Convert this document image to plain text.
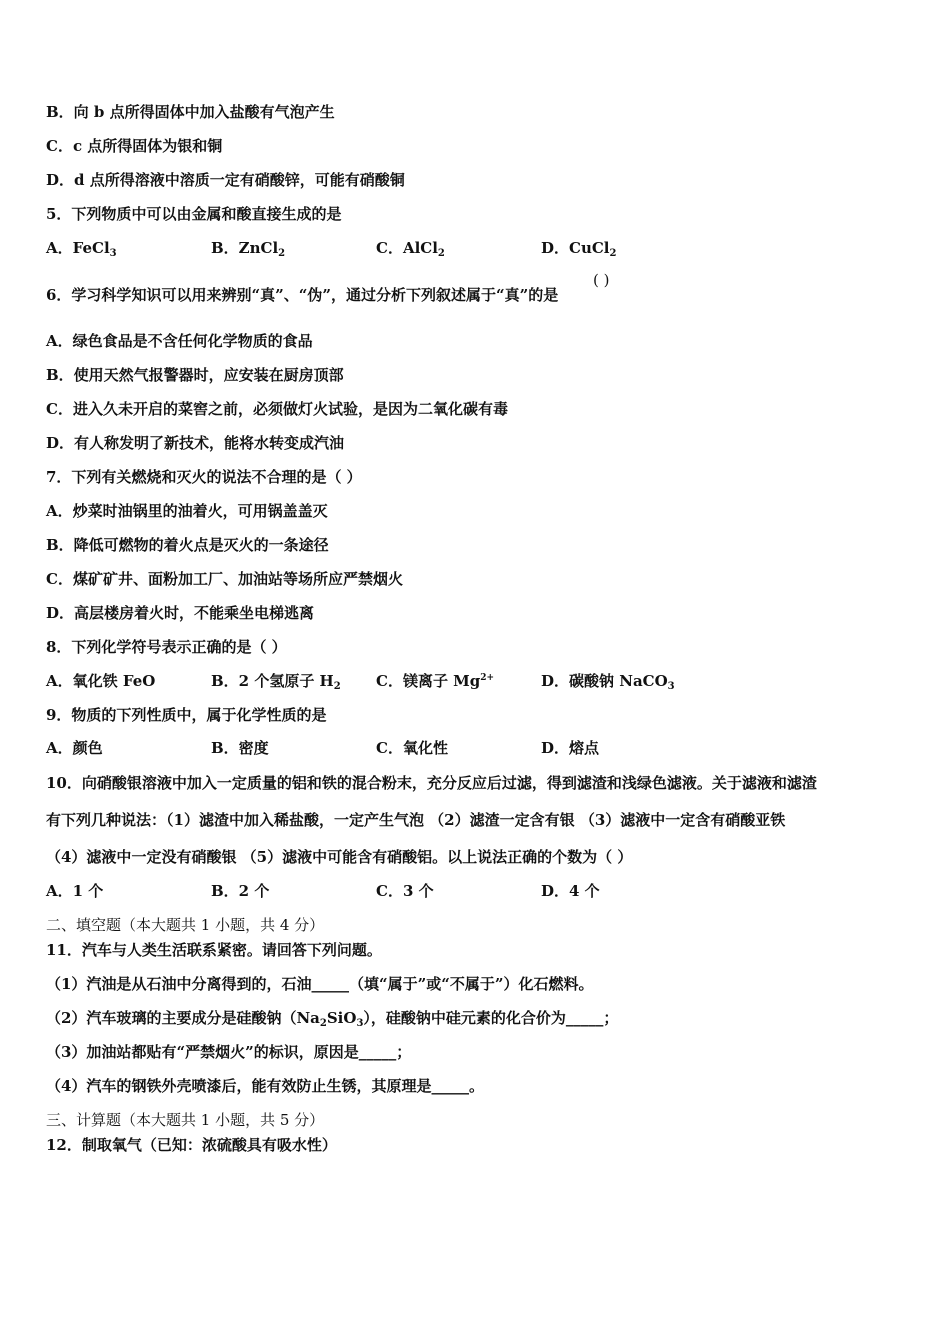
B．向 b 点所得固体中加入盐酸有气泡产生
C．c 点所得固体为银和铜
D．d 点所得溶液中溶质一定有硝酸锌，可能有硝酸铜
5．下列物质中可以由金属和酸直接生成的是
A．FeCl$_3$	B．ZnCl$_2$	C．AlCl$_2$	D．CuCl$_2$
6．学习科学知识可以用来辨别“真”、“伪”，通过分析下列叙述属于“真”的是
( )
A．绿色食品是不含任何化学物质的食品
B．使用天然气报警器时，应安装在厨房顶部
C．进入久未开启的菜窖之前，必须做灯火试验，是因为二氧化碳有毒
D．有人称发明了新技术，能将水转变成汽油
7．下列有关燃烧和灭火的说法不合理的是（ ）
A．炒菜时油锅里的油着火，可用锅盖盖灭
B．降低可燃物的着火点是灭火的一条途径
C．煤矿矿井、面粉加工厂、加油站等场所应严禁烟火
D．高层楼房着火时，不能乘坐电梯逃离
8．下列化学符号表示正确的是（ ）
A．氧化铁 FeO	B．2 个氢原子 $H_2$ C．镁离子 $Mg^{2+}$	D．碳酸钠 NaCO$_3$
9．物质的下列性质中，属于化学性质的是
A．颜色	B．密度	C．氧化性	D．熔点
10．向硝酸银溶液中加入一定质量的铝和铁的混合粉末，充分反应后过滤，得到滤渣和浅绿色滤液。关于滤液和滤渣
有下列几种说法：（1）滤渣中加入稀盐酸，一定产生气泡 （2）滤渣一定含有银 （3）滤液中一定含有硝酸亚铁
（4）滤液中一定没有硝酸银 （5）滤液中可能含有硝酸铝。以上说法正确的个数为（ ）
A．1 个	B．2 个	C．3 个	D．4 个
二、填空题（本大题共 1 小题，共 4 分）
11．汽车与人类生活联系紧密。请回答下列问题。
（1）汽油是从石油中分离得到的，石油_____（填“属于”或“不属于”）化石燃料。
（2）汽车玻璃的主要成分是硅酸钠$(Na_2SiO_3)$，硅酸钠中硅元素的化合价为_____；
（3）加油站都贴有“严禁烟火”的标识，原因是_____；
（4）汽车的钢铁外壳喷漆后，能有效防止生锈，其原理是_____。
三、计算题（本大题共 1 小题，共 5 分）
12．制取氧气（已知：浓硫酸具有吸水性）
